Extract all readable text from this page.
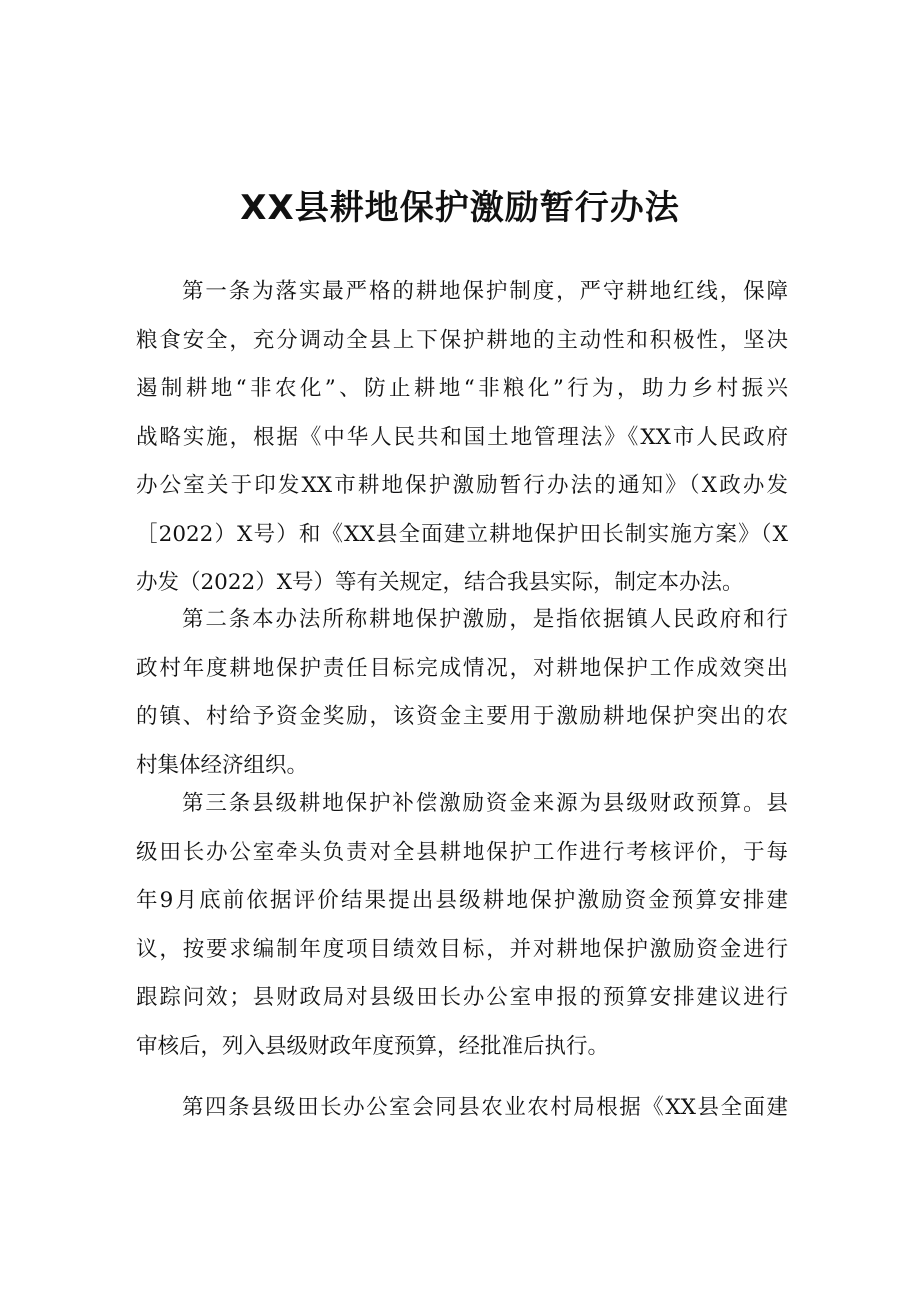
XX县耕地保护激励暂行办法
第一条为落实最严格的耕地保护制度，严守耕地红线，保障
粮食安全，充分调动全县上下保护耕地的主动性和积极性，坚决
遏制耕地“非农化”、防止耕地“非粮化”行为，助力乡村振兴
战略实施，根据《中华人民共和国土地管理法》《XX市人民政府
办公室关于印发XX市耕地保护激励暂行办法的通知》（X政办发
［2022）X号）和《XX县全面建立耕地保护田长制实施方案》（X
办发（2022）X号）等有关规定，结合我县实际，制定本办法。
第二条本办法所称耕地保护激励，是指依据镇人民政府和行
政村年度耕地保护责任目标完成情况，对耕地保护工作成效突出
的镇、村给予资金奖励，该资金主要用于激励耕地保护突出的农
村集体经济组织。
第三条县级耕地保护补偿激励资金来源为县级财政预算。县
级田长办公室牵头负责对全县耕地保护工作进行考核评价，于每
年9月底前依据评价结果提出县级耕地保护激励资金预算安排建
议，按要求编制年度项目绩效目标，并对耕地保护激励资金进行
跟踪问效；县财政局对县级田长办公室申报的预算安排建议进行
审核后，列入县级财政年度预算，经批准后执行。
第四条县级田长办公室会同县农业农村局根据《XX县全面建
